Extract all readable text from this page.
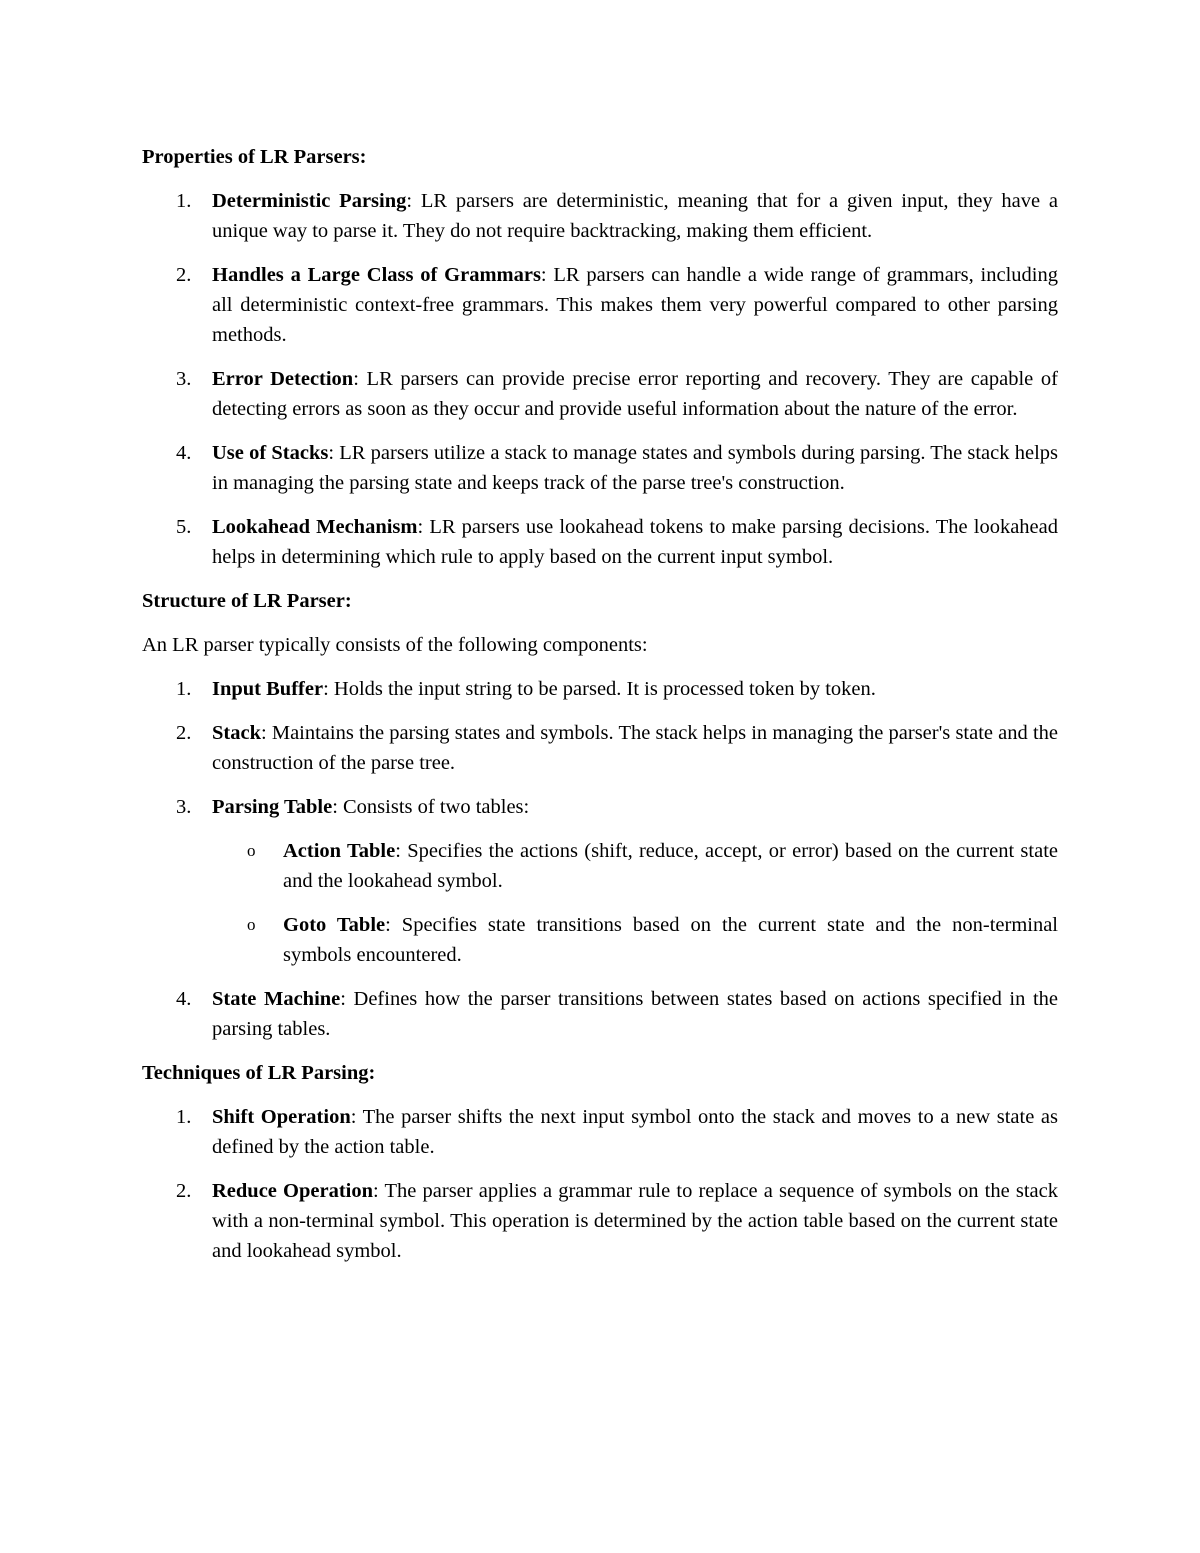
Properties of LR Parsers:
1. Deterministic Parsing: LR parsers are deterministic, meaning that for a given input, they have a unique way to parse it. They do not require backtracking, making them efficient.
2. Handles a Large Class of Grammars: LR parsers can handle a wide range of grammars, including all deterministic context-free grammars. This makes them very powerful compared to other parsing methods.
3. Error Detection: LR parsers can provide precise error reporting and recovery. They are capable of detecting errors as soon as they occur and provide useful information about the nature of the error.
4. Use of Stacks: LR parsers utilize a stack to manage states and symbols during parsing. The stack helps in managing the parsing state and keeps track of the parse tree's construction.
5. Lookahead Mechanism: LR parsers use lookahead tokens to make parsing decisions. The lookahead helps in determining which rule to apply based on the current input symbol.
Structure of LR Parser:

An LR parser typically consists of the following components:

1. Input Buffer: Holds the input string to be parsed. It is processed token by token.
2. Stack: Maintains the parsing states and symbols. The stack helps in managing the parser's state and the construction of the parse tree.
3. Parsing Table: Consists of two tables:
o Action Table: Specifies the actions (shift, reduce, accept, or error) based on the current state and the lookahead symbol.
o Goto Table: Specifies state transitions based on the current state and the non-terminal symbols encountered.
4. State Machine: Defines how the parser transitions between states based on actions specified in the parsing tables.
Techniques of LR Parsing:
1. Shift Operation: The parser shifts the next input symbol onto the stack and moves to a new state as defined by the action table.
2. Reduce Operation: The parser applies a grammar rule to replace a sequence of symbols on the stack with a non-terminal symbol. This operation is determined by the action table based on the current state and lookahead symbol.
